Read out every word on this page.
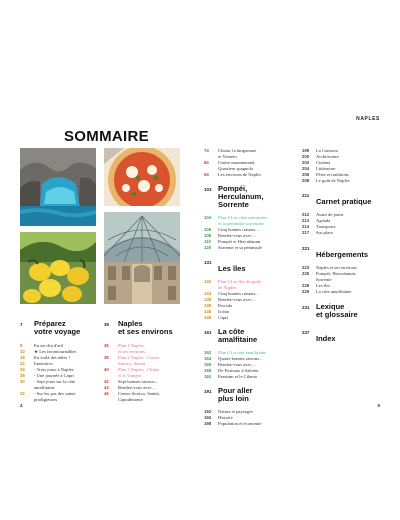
NAPLES
SOMMAIRE
7 Préparez
votre voyage
8	En un clin d'œil
10 ★ Les incontournables
18 En voilà des idées !
22 Itinéraires
24 - Trois jours à Naples
28 - Une journée à Capri
30 - Sept jours sur la côte
amalfitaine
32 - Sur les pas des saints
prodigieuses
35 Naples
et ses environs
36 Plan 1 Naples
et ses environs
38 Plan 2 Naples : Centro
Storico, Sanità
40 Plan 3 Naples : Chiaia
et le Vomero
42 Sept bonnes raisons...
43 Rendez-vous avec...
46 Centro Storico, Sanità,
Capodimonte
74 Chiaia, la lungomare
et Vomero
84 Centre monumental,
Quartiere spagnola
94 Les environs de Naples
103 Pompéi,
Herculanum,
Sorrente
104 Plan 4 Les cités retrouvées
et la péninsule sorrentine
106 Cinq bonnes raisons...
108 Rendez-vous avec...
110 Pompéi et Herculanum
120 Sorrente et sa péninsule
131Les îles
132 Plan 5 Les îles du golfe
de Naples
134 Cinq bonnes raisons...
135 Rendez-vous avec...
138 Procida
140 Ischia
145 Capri
161 La côte
amalfitaine
162 Plan 6 La côte amalfitaine
164 Quatre bonnes raisons...
165 Rendez-vous avec...
168 De Positano à Salerne
184 Paestum et le Cilento
191 Pour aller
plus loin
192 Nature et paysages
194 Histoire
198 Population et économie
199 La Camorra
200 Architecture
202 Cinéma
204 Littérature
206 Fêtes et traditions
208 Le goût de Naples
211Carnet pratique
212 Avant de partir
213 Agenda
214 Transports
217 Sur place
221Hébergements
223 Naples et ses environs
226 Pompéi, Herculanum,
Sorrente
228 Les îles
229 La côte amalfitaine
231 Lexique
et glossaire
237Index
4	5
